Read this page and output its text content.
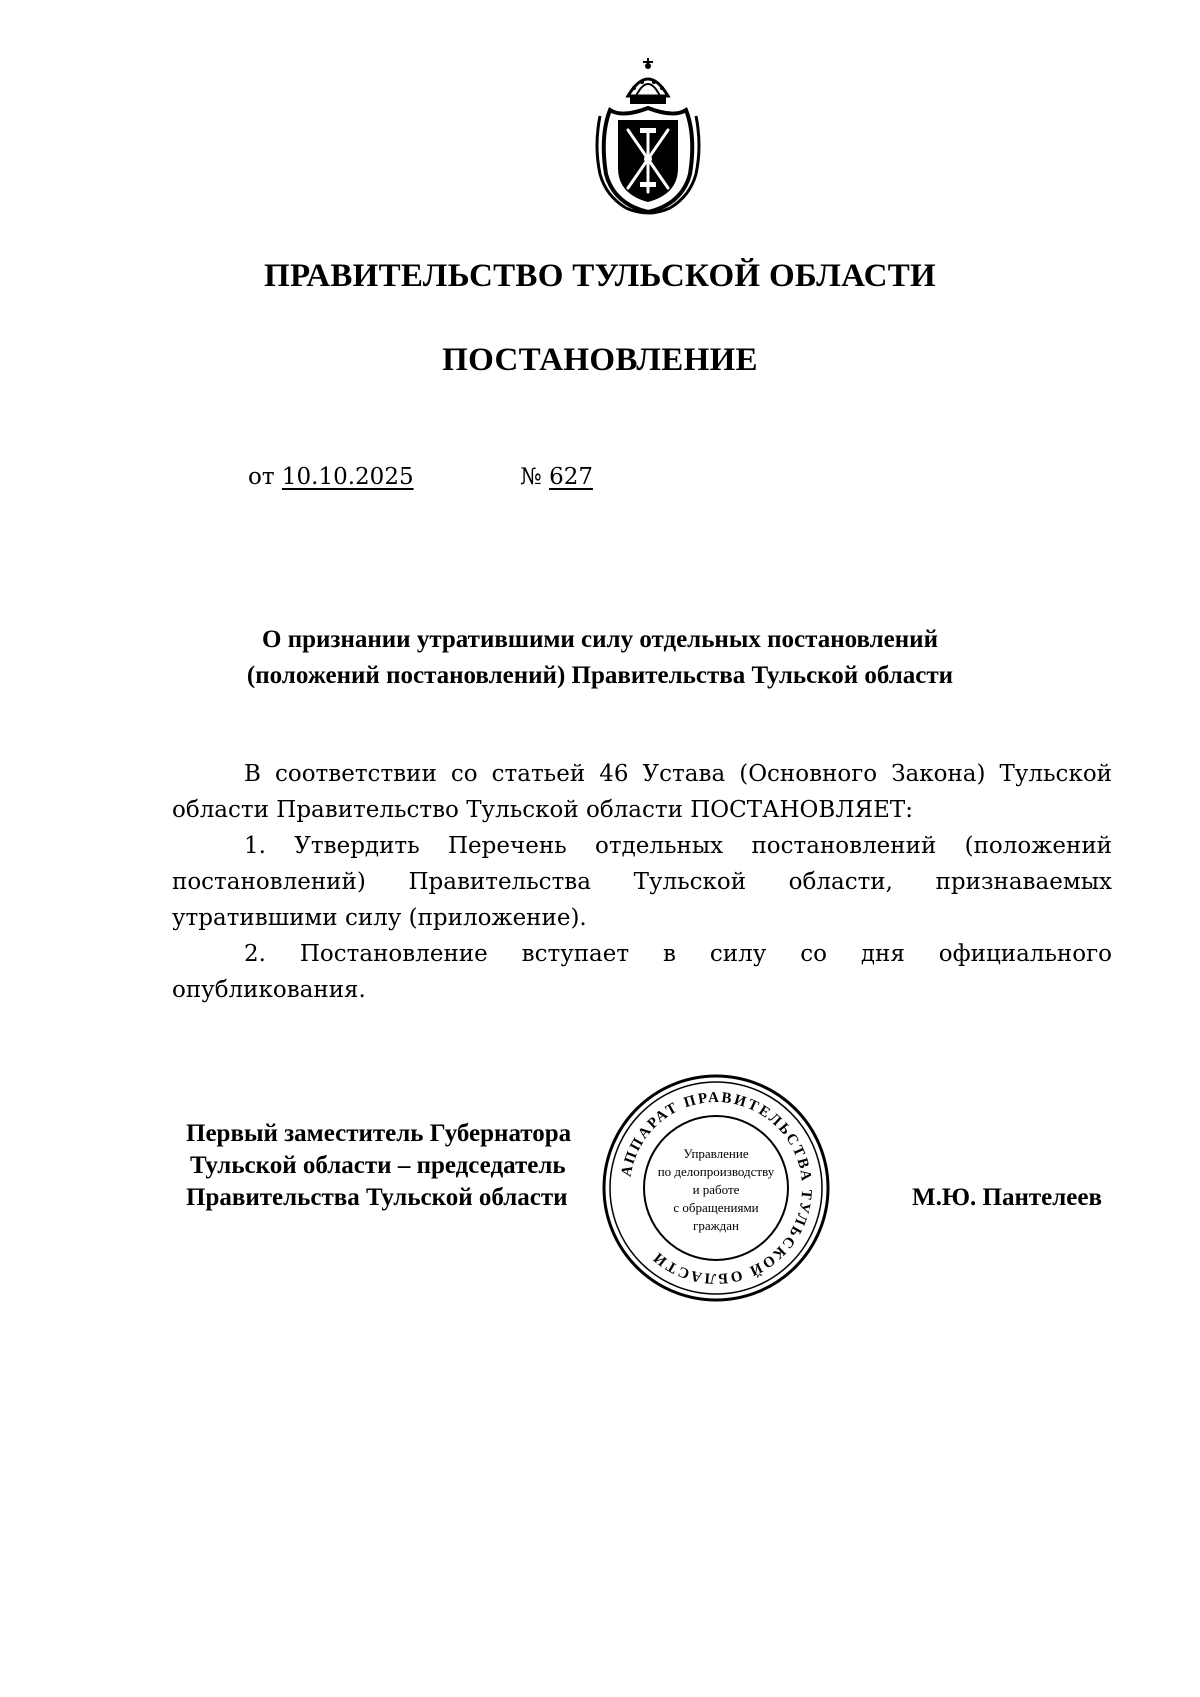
ПРАВИТЕЛЬСТВО ТУЛЬСКОЙ ОБЛАСТИ
ПОСТАНОВЛЕНИЕ
от 10.10.2025	№ 627
О признании утратившими силу отдельных постановлений
(положений постановлений) Правительства Тульской области

В соответствии со статьей 46 Устава (Основного Закона) Тульской области Правительство Тульской области ПОСТАНОВЛЯЕТ:

1. Утвердить Перечень отдельных постановлений (положений постановлений) Правительства Тульской области, признаваемых утратившими силу (приложение).

2. Постановление вступает в силу со дня официального опубликования.

Первый заместитель Губернатора
Тульской области – председатель
Правительства Тульской области	М.Ю. Пантелеев
АППАРАТ ПРАВИТЕЛЬСТВА ТУЛЬСКОЙ ОБЛАСТИ
Управление
по делопроизводству
и работе
с обращениями
граждан
